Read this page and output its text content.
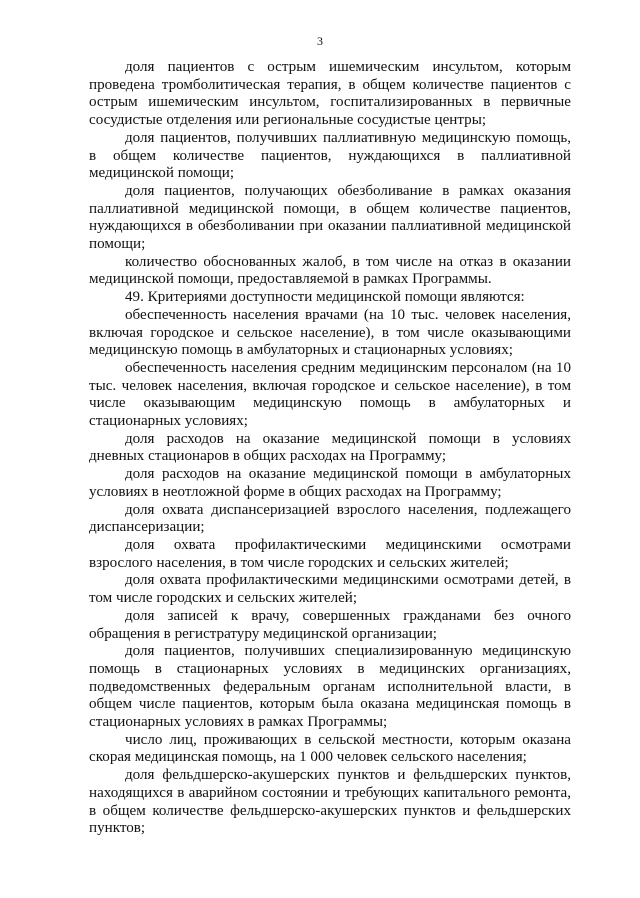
3

доля пациентов с острым ишемическим инсультом, которым проведена тромболитическая терапия, в общем количестве пациентов с острым ишемическим инсультом, госпитализированных в первичные сосудистые отделения или региональные сосудистые центры;

доля пациентов, получивших паллиативную медицинскую помощь, в общем количестве пациентов, нуждающихся в паллиативной медицинской помощи;

доля пациентов, получающих обезболивание в рамках оказания паллиативной медицинской помощи, в общем количестве пациентов, нуждающихся в обезболивании при оказании паллиативной медицинской помощи;

количество обоснованных жалоб, в том числе на отказ в оказании медицинской помощи, предоставляемой в рамках Программы.

49. Критериями доступности медицинской помощи являются:

обеспеченность населения врачами (на 10 тыс. человек населения, включая городское и сельское население), в том числе оказывающими медицинскую помощь в амбулаторных и стационарных условиях;

обеспеченность населения средним медицинским персоналом (на 10 тыс. человек населения, включая городское и сельское население), в том числе оказывающим медицинскую помощь в амбулаторных и стационарных условиях;

доля расходов на оказание медицинской помощи в условиях дневных стационаров в общих расходах на Программу;

доля расходов на оказание медицинской помощи в амбулаторных условиях в неотложной форме в общих расходах на Программу;

доля охвата диспансеризацией взрослого населения, подлежащего диспансеризации;

доля охвата профилактическими медицинскими осмотрами взрослого населения, в том числе городских и сельских жителей;

доля охвата профилактическими медицинскими осмотрами детей, в том числе городских и сельских жителей;

доля записей к врачу, совершенных гражданами без очного обращения в регистратуру медицинской организации;

доля пациентов, получивших специализированную медицинскую помощь в стационарных условиях в медицинских организациях, подведомственных федеральным органам исполнительной власти, в общем числе пациентов, которым была оказана медицинская помощь в стационарных условиях в рамках Программы;

число лиц, проживающих в сельской местности, которым оказана скорая медицинская помощь, на 1 000 человек сельского населения;

доля фельдшерско-акушерских пунктов и фельдшерских пунктов, находящихся в аварийном состоянии и требующих капитального ремонта, в общем количестве фельдшерско-акушерских пунктов и фельдшерских пунктов;
